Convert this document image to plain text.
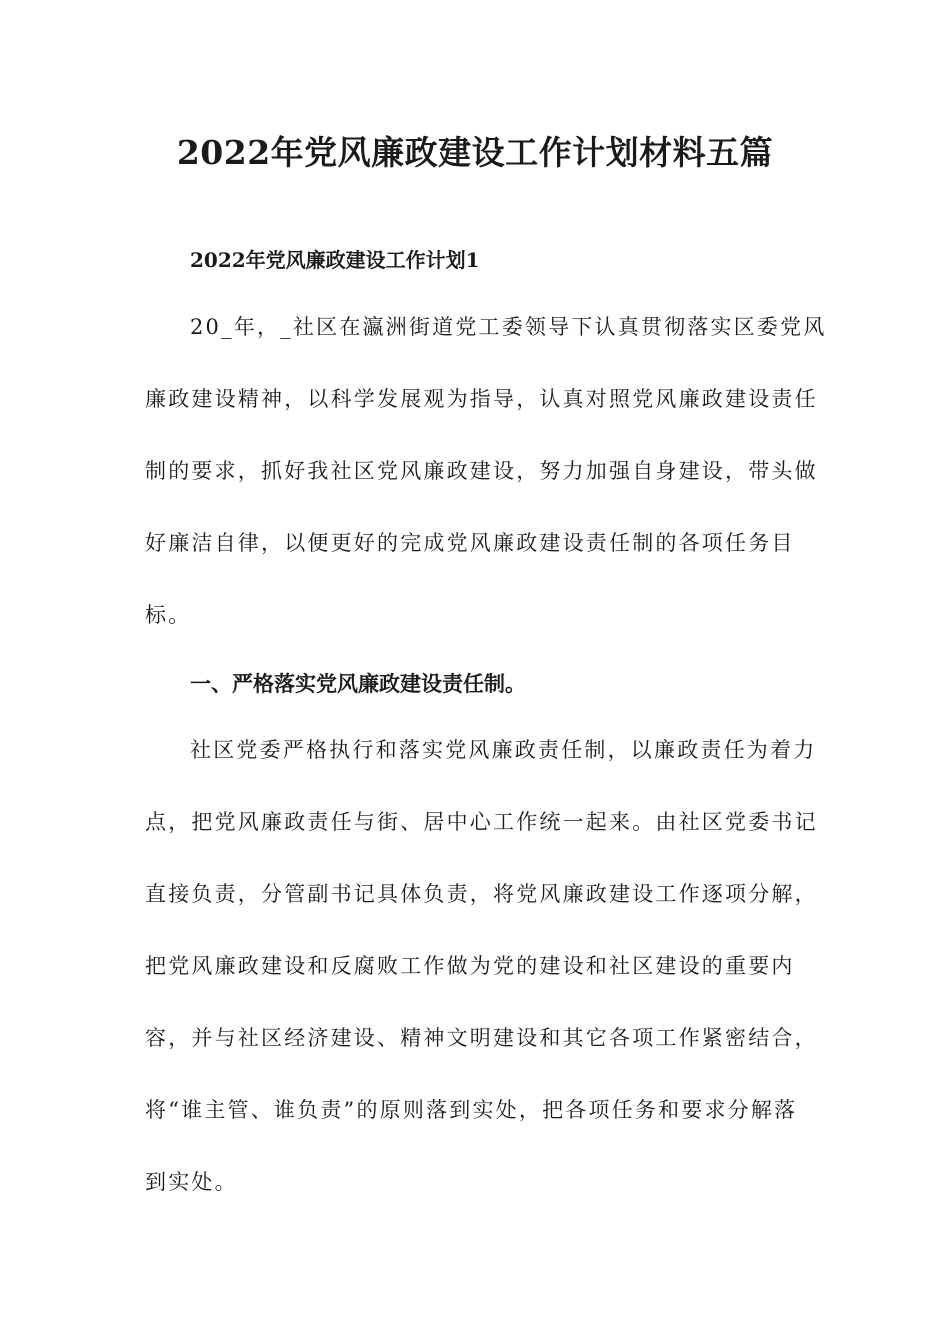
2022年党风廉政建设工作计划材料五篇
2022年党风廉政建设工作计划1

20_年，_社区在瀛洲街道党工委领导下认真贯彻落实区委党风
廉政建设精神，以科学发展观为指导，认真对照党风廉政建设责任
制的要求，抓好我社区党风廉政建设，努力加强自身建设，带头做
好廉洁自律，以便更好的完成党风廉政建设责任制的各项任务目
标。

一、严格落实党风廉政建设责任制。

社区党委严格执行和落实党风廉政责任制，以廉政责任为着力
点，把党风廉政责任与街、居中心工作统一起来。由社区党委书记
直接负责，分管副书记具体负责，将党风廉政建设工作逐项分解，
把党风廉政建设和反腐败工作做为党的建设和社区建设的重要内
容，并与社区经济建设、精神文明建设和其它各项工作紧密结合，
将“谁主管、谁负责”的原则落到实处，把各项任务和要求分解落
到实处。
